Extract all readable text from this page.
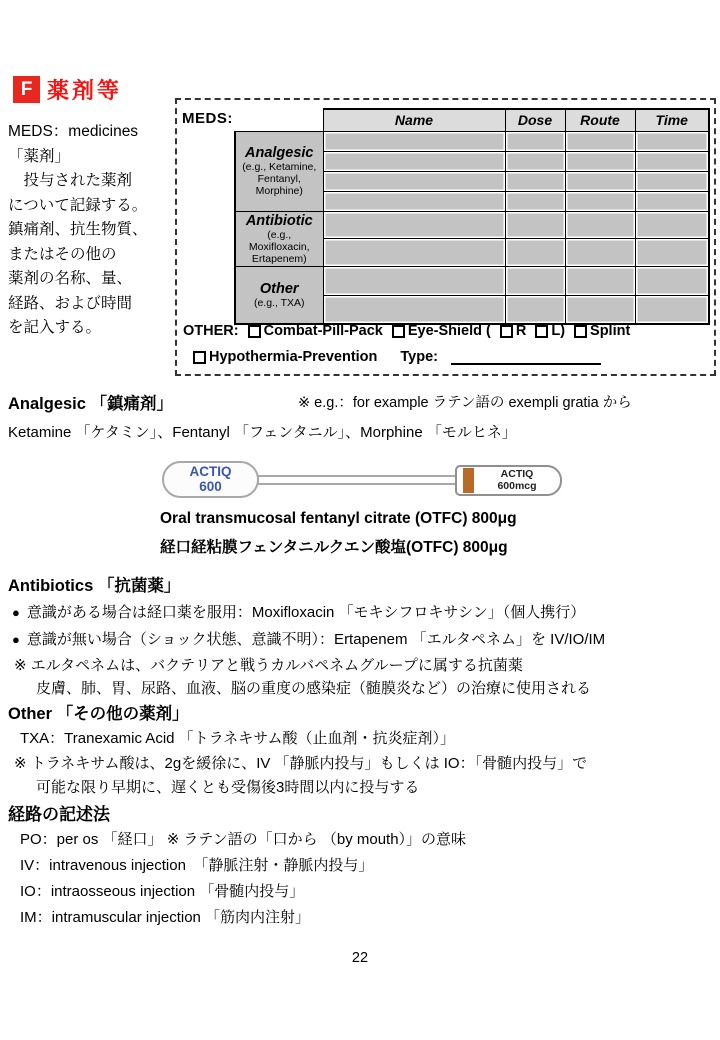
F 薬剤等
MEDS：medicines
「薬剤」
　投与された薬剤
について記録する。
鎮痛剤、抗生物質、
またはその他の
薬剤の名称、量、
経路、および時間
を記入する。
MEDS:
		Name	Dose	Route	Time

Analgesic
(e.g., Ketamine, Fentanyl, Morphine)				

Antibiotic
(e.g., Moxifloxacin, Ertapenem)				

Other
(e.g., TXA)				

OTHER: Combat-Pill-Pack Eye-Shield ( R L ) Splint
Hypothermia-Prevention Type:
Analgesic 「鎮痛剤」	※ e.g.：for example ラテン語の exempli gratia から
Ketamine 「ケタミン」、Fentanyl 「フェンタニル」、Morphine 「モルヒネ」
ACTIQ
600
ACTIQ
600mcg
Oral transmucosal fentanyl citrate (OTFC) 800μg
経口経粘膜フェンタニルクエン酸塩(OTFC) 800μg
Antibiotics 「抗菌薬」
● 意識がある場合は経口薬を服用：Moxifloxacin 「モキシフロキサシン」（個人携行）
● 意識が無い場合（ショック状態、意識不明）：Ertapenem 「エルタペネム」を IV/IO/IM
※ エルタペネムは、バクテリアと戦うカルバペネムグループに属する抗菌薬
皮膚、肺、胃、尿路、血液、脳の重度の感染症（髄膜炎など）の治療に使用される
Other 「その他の薬剤」
TXA：Tranexamic Acid 「トラネキサム酸（止血剤・抗炎症剤）」
※ トラネキサム酸は、2gを緩徐に、IV 「静脈内投与」もしくは IO：「骨髄内投与」で
可能な限り早期に、遅くとも受傷後3時間以内に投与する
経路の記述法
PO：per os 「経口」 ※ ラテン語の「口から （by mouth）」の意味
IV：intravenous injection　「静脈注射・静脈内投与」
IO：intraosseous injection 「骨髄内投与」
IM：intramuscular injection 「筋肉内注射」
22
